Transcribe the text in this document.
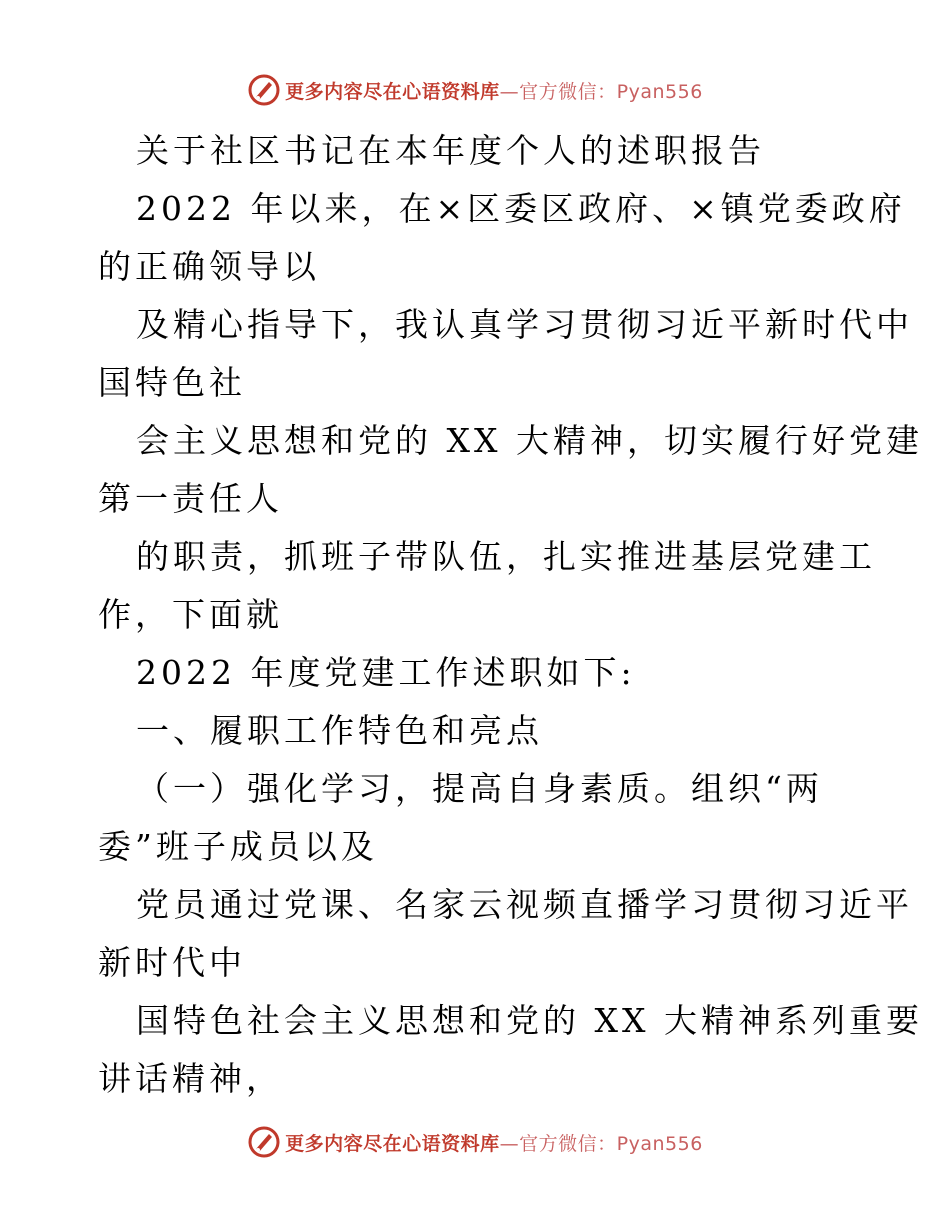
更多内容尽在心语资料库—官方微信：Pyan556
关于社区书记在本年度个人的述职报告
2022 年以来，在×区委区政府、×镇党委政府
的正确领导以
及精心指导下，我认真学习贯彻习近平新时代中
国特色社
会主义思想和党的 XX 大精神，切实履行好党建
第一责任人
的职责，抓班子带队伍，扎实推进基层党建工
作，下面就
2022 年度党建工作述职如下:
一、履职工作特色和亮点
（一）强化学习，提高自身素质。组织“两
委”班子成员以及
党员通过党课、名家云视频直播学习贯彻习近平
新时代中
国特色社会主义思想和党的 XX 大精神系列重要
讲话精神，
更多内容尽在心语资料库—官方微信：Pyan556
